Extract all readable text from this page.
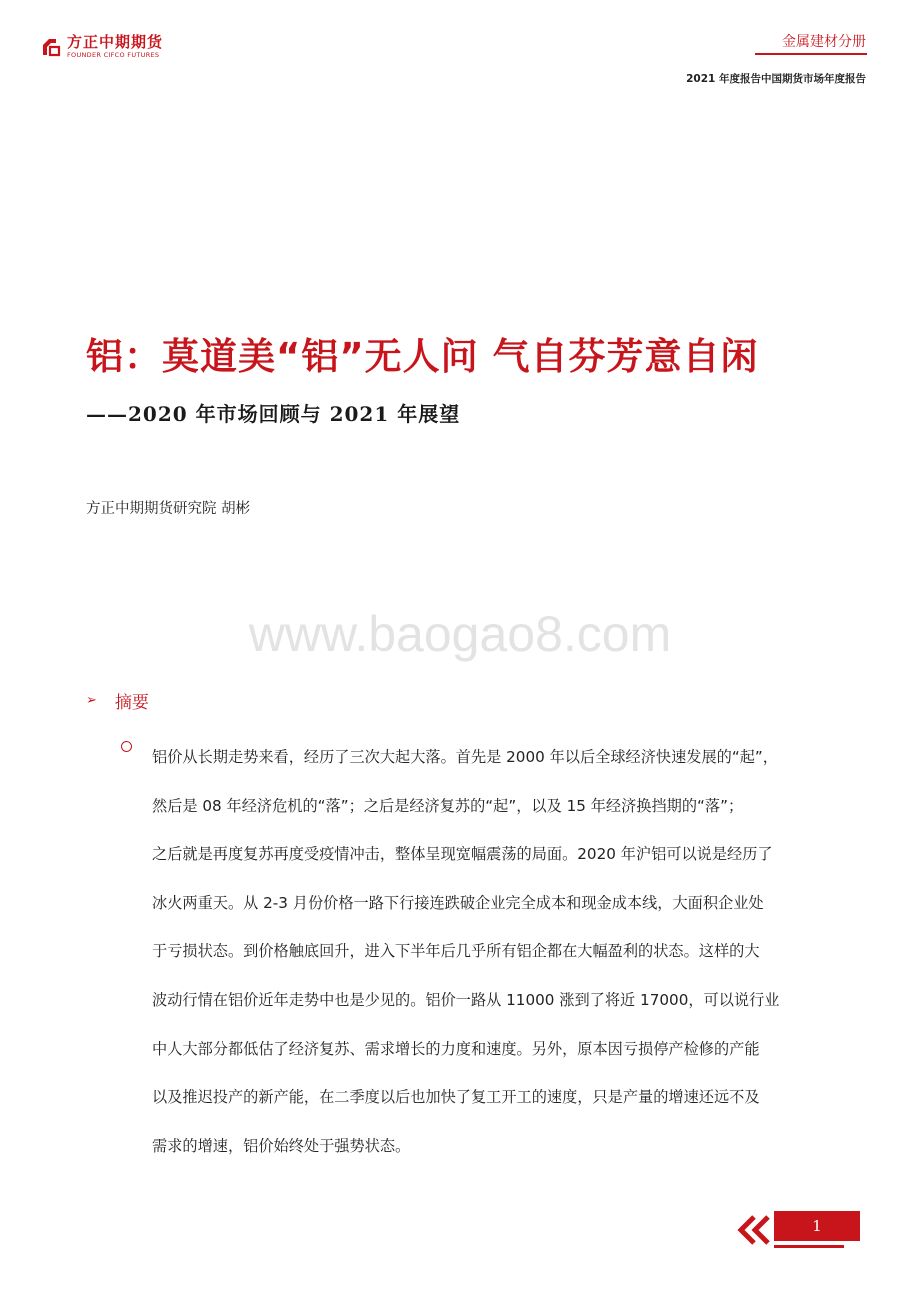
方正中期期货
FOUNDER CIFCO FUTURES
金属建材分册
2021 年度报告中国期货市场年度报告
铝：莫道美“铝”无人问 气自芬芳意自闲
——2020 年市场回顾与 2021 年展望
方正中期期货研究院 胡彬
www.baogao8.com
➢ 摘要
铝价从长期走势来看，经历了三次大起大落。首先是 2000 年以后全球经济快速发展的“起”，
然后是 08 年经济危机的“落”；之后是经济复苏的“起”，以及 15 年经济换挡期的“落”；
之后就是再度复苏再度受疫情冲击，整体呈现宽幅震荡的局面。2020 年沪铝可以说是经历了
冰火两重天。从 2-3 月份价格一路下行接连跌破企业完全成本和现金成本线，大面积企业处
于亏损状态。到价格触底回升，进入下半年后几乎所有铝企都在大幅盈利的状态。这样的大
波动行情在铝价近年走势中也是少见的。铝价一路从 11000 涨到了将近 17000，可以说行业
中人大部分都低估了经济复苏、需求增长的力度和速度。另外，原本因亏损停产检修的产能
以及推迟投产的新产能，在二季度以后也加快了复工开工的速度，只是产量的增速还远不及
需求的增速，铝价始终处于强势状态。
1
